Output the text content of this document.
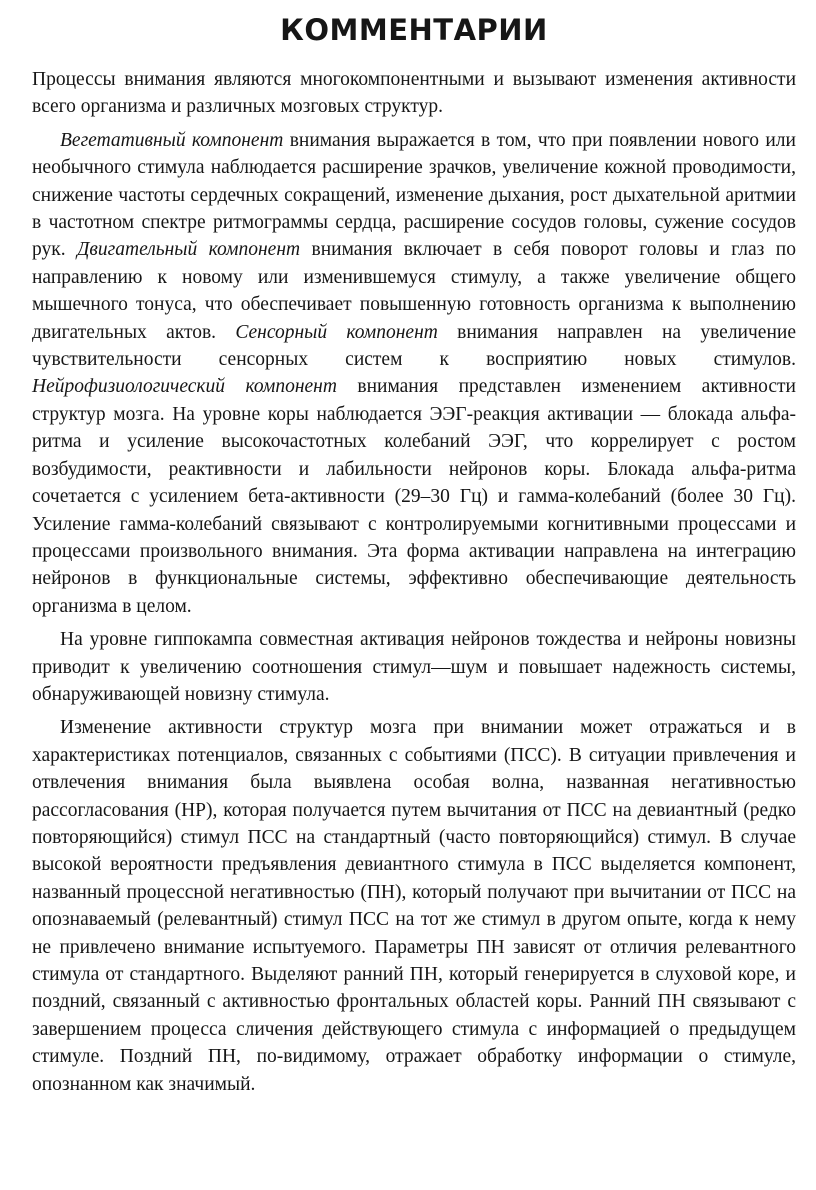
КОММЕНТАРИИ

Процессы внимания являются многокомпонентными и вызывают изменения активности всего организма и различных мозговых структур.

Вегетативный компонент внимания выражается в том, что при появлении нового или необычного стимула наблюдается расширение зрачков, увеличение кожной проводимости, снижение частоты сердечных сокращений, изменение дыхания, рост дыхательной аритмии в частотном спектре ритмограммы сердца, расширение сосудов головы, сужение сосудов рук. Двигательный компонент внимания включает в себя поворот головы и глаз по направлению к новому или изменившемуся стимулу, а также увеличение общего мышечного тонуса, что обеспечивает повышенную готовность организма к выполнению двигательных актов. Сенсорный компонент внимания направлен на увеличение чувствительности сенсорных систем к восприятию новых стимулов. Нейрофизиологический компонент внимания представлен изменением активности структур мозга. На уровне коры наблюдается ЭЭГ-реакция активации — блокада альфа-ритма и усиление высокочастотных колебаний ЭЭГ, что коррелирует с ростом возбудимости, реактивности и лабильности нейронов коры. Блокада альфа-ритма сочетается с усилением бета-активности (29–30 Гц) и гамма-колебаний (более 30 Гц). Усиление гамма-колебаний связывают с контролируемыми когнитивными процессами и процессами произвольного внимания. Эта форма активации направлена на интеграцию нейронов в функциональные системы, эффективно обеспечивающие деятельность организма в целом.

На уровне гиппокампа совместная активация нейронов тождества и нейроны новизны приводит к увеличению соотношения стимул—шум и повышает надежность системы, обнаруживающей новизну стимула.

Изменение активности структур мозга при внимании может отражаться и в характеристиках потенциалов, связанных с событиями (ПСС). В ситуации привлечения и отвлечения внимания была выявлена особая волна, названная негативностью рассогласования (НР), которая получается путем вычитания от ПСС на девиантный (редко повторяющийся) стимул ПСС на стандартный (часто повторяющийся) стимул. В случае высокой вероятности предъявления девиантного стимула в ПСС выделяется компонент, названный процессной негативностью (ПН), который получают при вычитании от ПСС на опознаваемый (релевантный) стимул ПСС на тот же стимул в другом опыте, когда к нему не привлечено внимание испытуемого. Параметры ПН зависят от отличия релевантного стимула от стандартного. Выделяют ранний ПН, который генерируется в слуховой коре, и поздний, связанный с активностью фронтальных областей коры. Ранний ПН связывают с завершением процесса сличения действующего стимула с информацией о предыдущем стимуле. Поздний ПН, по-видимому, отражает обработку информации о стимуле, опознанном как значимый.
